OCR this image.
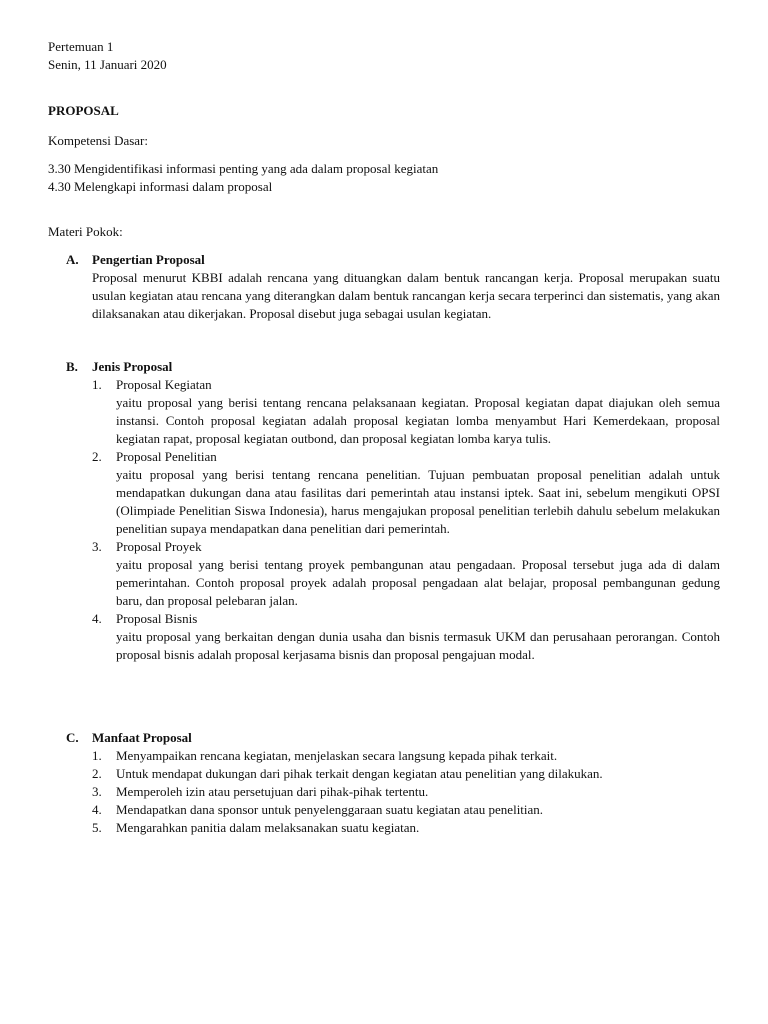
Pertemuan 1
Senin, 11 Januari 2020
PROPOSAL
Kompetensi Dasar:
3.30 Mengidentifikasi informasi penting yang ada dalam proposal kegiatan
4.30 Melengkapi informasi dalam proposal
Materi Pokok:
A. Pengertian Proposal
Proposal menurut KBBI adalah rencana yang dituangkan dalam bentuk rancangan kerja. Proposal merupakan suatu usulan kegiatan atau rencana yang diterangkan dalam bentuk rancangan kerja secara terperinci dan sistematis, yang akan dilaksanakan atau dikerjakan. Proposal disebut juga sebagai usulan kegiatan.
B. Jenis Proposal
1. Proposal Kegiatan
yaitu proposal yang berisi tentang rencana pelaksanaan kegiatan. Proposal kegiatan dapat diajukan oleh semua instansi. Contoh proposal kegiatan adalah proposal kegiatan lomba menyambut Hari Kemerdekaan, proposal kegiatan rapat, proposal kegiatan outbond, dan proposal kegiatan lomba karya tulis.
2. Proposal Penelitian
yaitu proposal yang berisi tentang rencana penelitian. Tujuan pembuatan proposal penelitian adalah untuk mendapatkan dukungan dana atau fasilitas dari pemerintah atau instansi iptek. Saat ini, sebelum mengikuti OPSI (Olimpiade Penelitian Siswa Indonesia), harus mengajukan proposal penelitian terlebih dahulu sebelum melakukan penelitian supaya mendapatkan dana penelitian dari pemerintah.
3. Proposal Proyek
yaitu proposal yang berisi tentang proyek pembangunan atau pengadaan. Proposal tersebut juga ada di dalam pemerintahan. Contoh proposal proyek adalah proposal pengadaan alat belajar, proposal pembangunan gedung baru, dan proposal pelebaran jalan.
4. Proposal Bisnis
yaitu proposal yang berkaitan dengan dunia usaha dan bisnis termasuk UKM dan perusahaan perorangan. Contoh proposal bisnis adalah proposal kerjasama bisnis dan proposal pengajuan modal.
C. Manfaat Proposal
1. Menyampaikan rencana kegiatan, menjelaskan secara langsung kepada pihak terkait.
2. Untuk mendapat dukungan dari pihak terkait dengan kegiatan atau penelitian yang dilakukan.
3. Memperoleh izin atau persetujuan dari pihak-pihak tertentu.
4. Mendapatkan dana sponsor untuk penyelenggaraan suatu kegiatan atau penelitian.
5. Mengarahkan panitia dalam melaksanakan suatu kegiatan.
